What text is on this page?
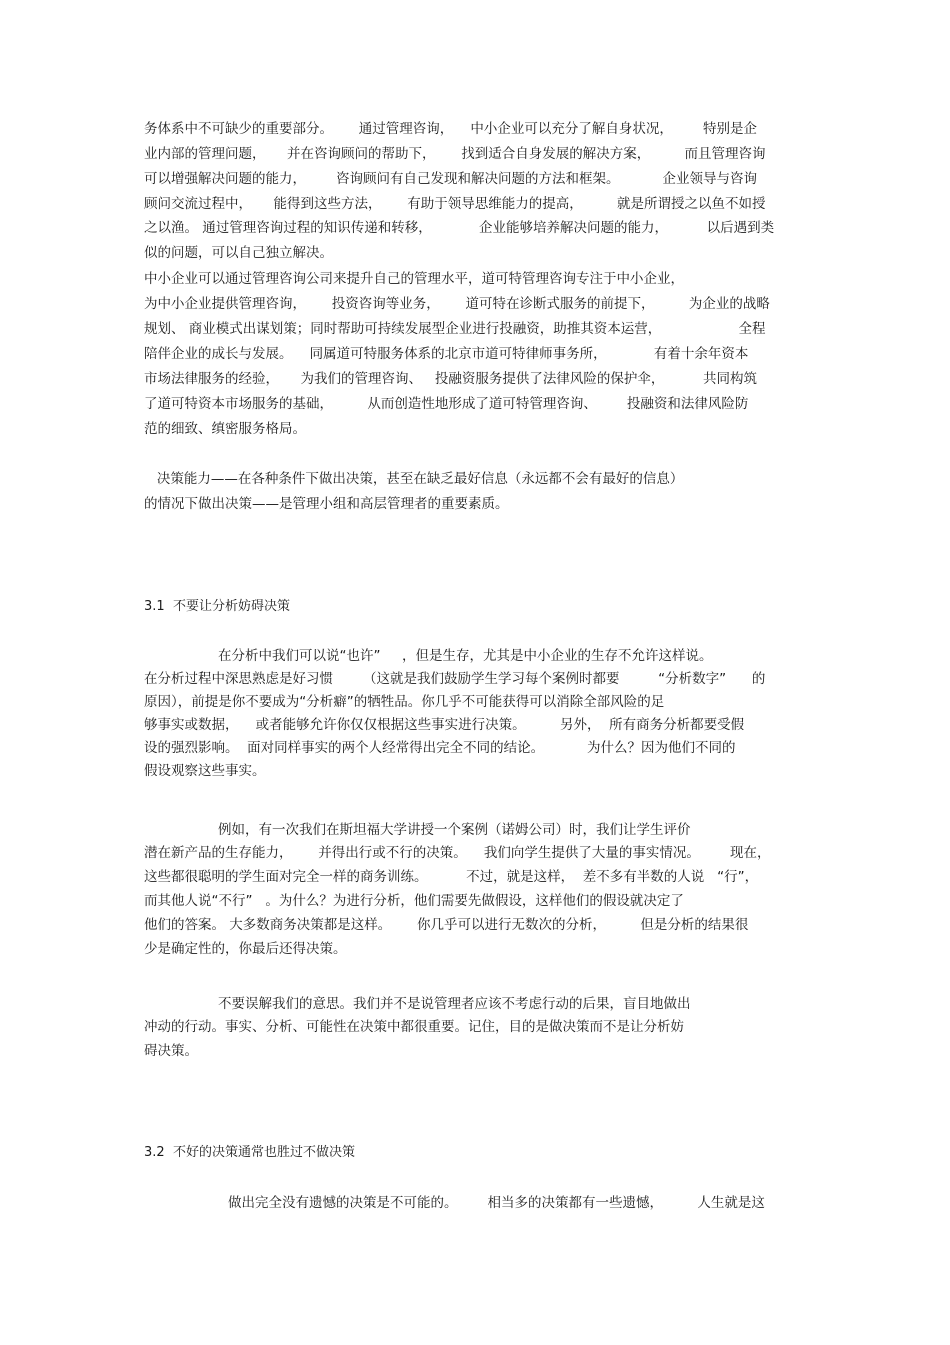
务体系中不可缺少的重要部分。      通过管理咨询，    中小企业可以充分了解自身状况，       特别是企
业内部的管理问题，     并在咨询顾问的帮助下，      找到适合自身发展的解决方案，        而且管理咨询
可以增强解决问题的能力，       咨询顾问有自己发现和解决问题的方法和框架。          企业领导与咨询
顾问交流过程中，     能得到这些方法，      有助于领导思维能力的提高，        就是所谓授之以鱼不如授
之以渔。 通过管理咨询过程的知识传递和转移，           企业能够培养解决问题的能力，         以后遇到类
似的问题，可以自己独立解决。
中小企业可以通过管理咨询公司来提升自己的管理水平，道可特管理咨询专注于中小企业，
为中小企业提供管理咨询，      投资咨询等业务，      道可特在诊断式服务的前提下，        为企业的战略
规划、 商业模式出谋划策；同时帮助可持续发展型企业进行投融资，助推其资本运营，                  全程
陪伴企业的成长与发展。    同属道可特服务体系的北京市道可特律师事务所，           有着十余年资本
市场法律服务的经验，     为我们的管理咨询、   投融资服务提供了法律风险的保护伞，         共同构筑
了道可特资本市场服务的基础，        从而创造性地形成了道可特管理咨询、       投融资和法律风险防
范的细致、缜密服务格局。
决策能力——在各种条件下做出决策，甚至在缺乏最好信息（永远都不会有最好的信息）
的情况下做出决策——是管理小组和高层管理者的重要素质。
3.1  不要让分析妨碍决策
在分析中我们可以说“也许”     ，但是生存，尤其是中小企业的生存不允许这样说。
在分析过程中深思熟虑是好习惯       （这就是我们鼓励学生学习每个案例时都要         “分析数字”      的
原因），前提是你不要成为“分析癖”的牺牲品。你几乎不可能获得可以消除全部风险的足
够事实或数据，    或者能够允许你仅仅根据这些事实进行决策。        另外，  所有商务分析都要受假
设的强烈影响。  面对同样事实的两个人经常得出完全不同的结论。          为什么？因为他们不同的
假设观察这些事实。
例如，有一次我们在斯坦福大学讲授一个案例（诺姆公司）时，我们让学生评价
潜在新产品的生存能力，      并得出行或不行的决策。    我们向学生提供了大量的事实情况。       现在，
这些都很聪明的学生面对完全一样的商务训练。         不过，就是这样，  差不多有半数的人说   “行”，
而其他人说“不行”   。为什么？为进行分析，他们需要先做假设，这样他们的假设就决定了
他们的答案。 大多数商务决策都是这样。      你几乎可以进行无数次的分析，        但是分析的结果很
少是确定性的，你最后还得决策。
不要误解我们的意思。我们并不是说管理者应该不考虑行动的后果，盲目地做出
冲动的行动。事实、分析、可能性在决策中都很重要。记住，目的是做决策而不是让分析妨
碍决策。
3.2  不好的决策通常也胜过不做决策
做出完全没有遗憾的决策是不可能的。       相当多的决策都有一些遗憾，        人生就是这
